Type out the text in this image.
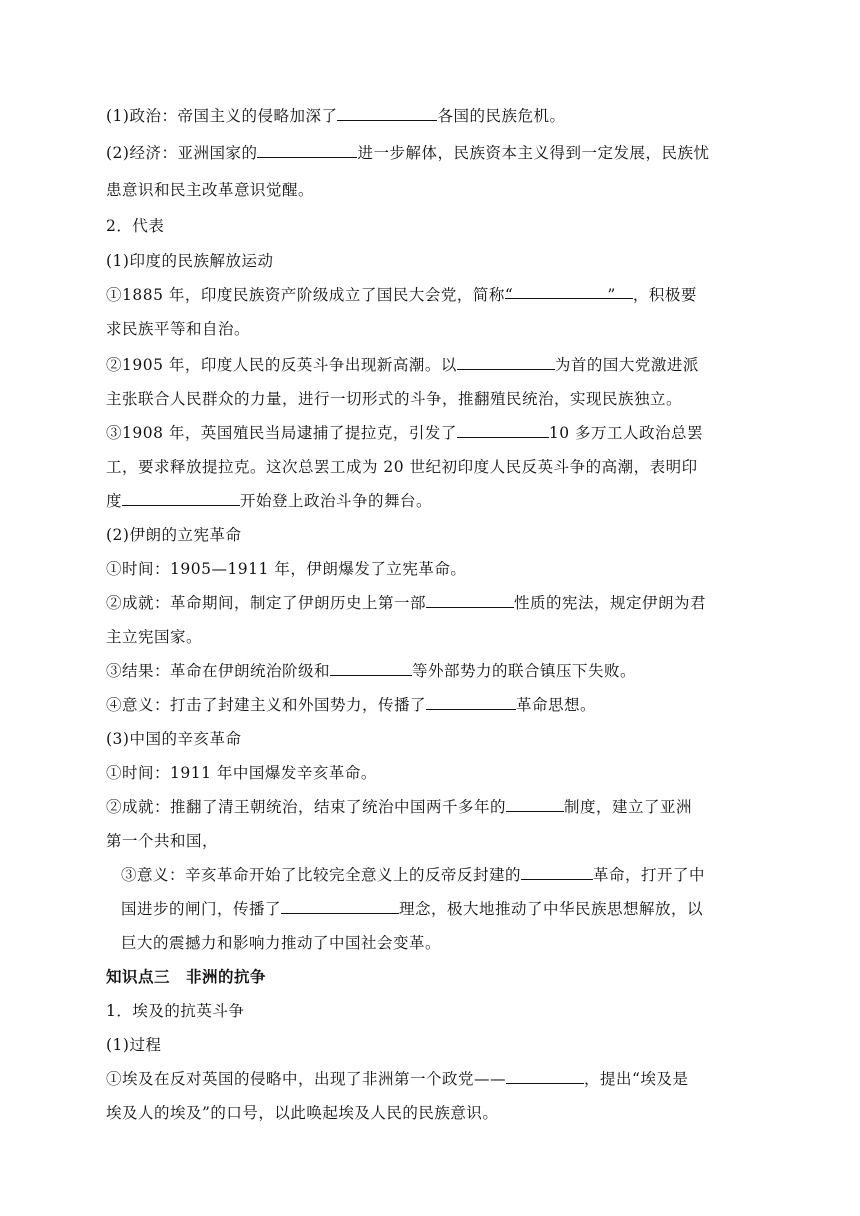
(1)政治：帝国主义的侵略加深了	各国的民族危机。
(2)经济：亚洲国家的	进一步解体，民族资本主义得到一定发展，民族忧
患意识和民主改革意识觉醒。
2．代表
(1)印度的民族解放运动
①1885 年，印度民族资产阶级成立了国民大会党，简称
“	” ，积极要
求民族平等和自治。
②1905 年，印度人民的反英斗争出现新高潮。以	为首的国大党激进派
主张联合人民群众的力量，进行一切形式的斗争，推翻殖民统治，实现民族独立。
③1908 年，英国殖民当局逮捕了提拉克，引发了	10 多万工人政治总罢
工，要求释放提拉克。这次总罢工成为 20 世纪初印度人民反英斗争的高潮，表明印
度	开始登上政治斗争的舞台。
(2)伊朗的立宪革命
①时间：1905—1911 年，伊朗爆发了立宪革命。
②成就：革命期间，制定了伊朗历史上第一部	性质的宪法，规定伊朗为君
主立宪国家。
③结果：革命在伊朗统治阶级和	等外部势力的联合镇压下失败。
④意义：打击了封建主义和外国势力，传播了	革命思想。
(3)中国的辛亥革命
①时间：1911 年中国爆发辛亥革命。
②成就：推翻了清王朝统治，结束了统治中国两千多年的	制度，建立了亚洲
第一个共和国，
③意义：辛亥革命开始了比较完全意义上的反帝反封建的	革命，打开了中
国进步的闸门，传播了	理念，极大地推动了中华民族思想解放，以
巨大的震撼力和影响力推动了中国社会变革。
知识点三　非洲的抗争
1．埃及的抗英斗争
(1)过程
①埃及在反对英国的侵略中，出现了非洲第一个政党——	，提出“埃及是
埃及人的埃及”的口号，以此唤起埃及人民的民族意识。
